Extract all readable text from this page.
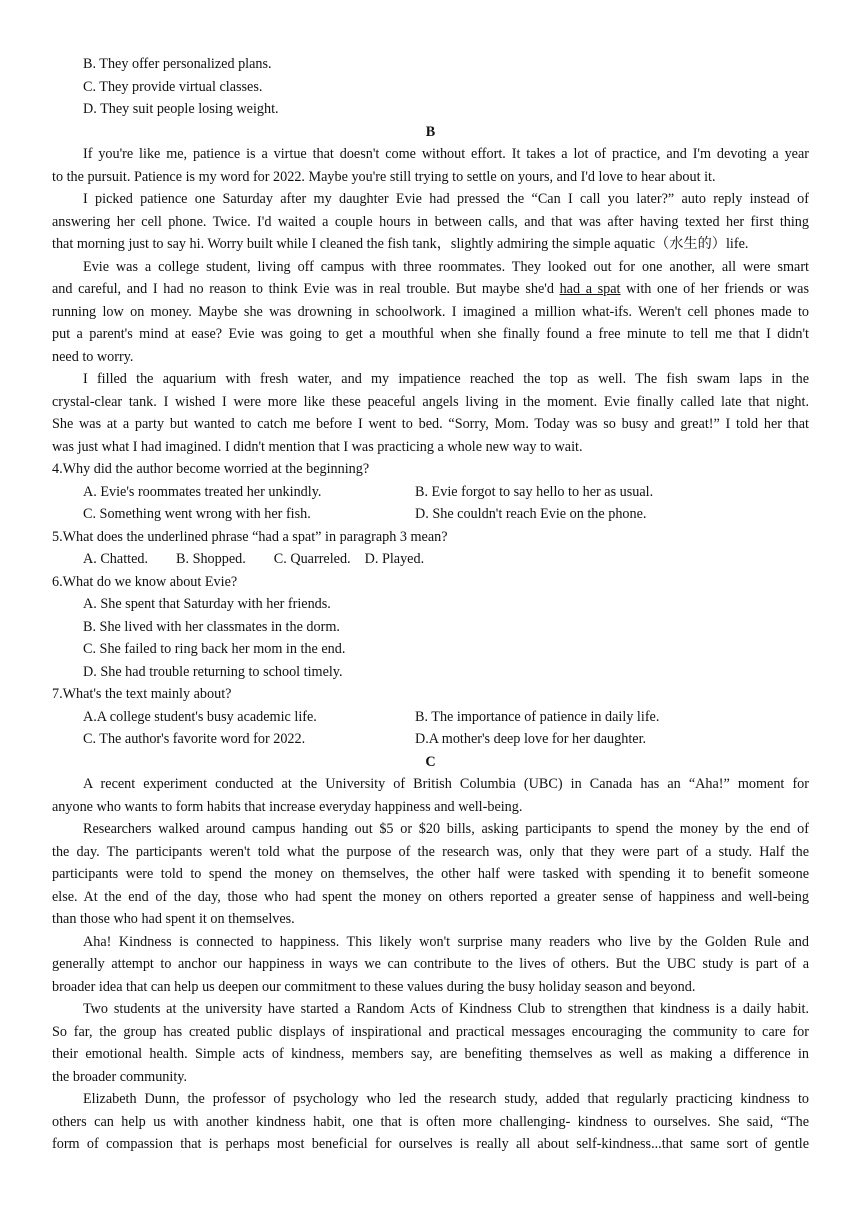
B. They offer personalized plans.
C. They provide virtual classes.
D. They suit people losing weight.
B
If you're like me, patience is a virtue that doesn't come without effort. It takes a lot of practice, and I'm devoting a year
to the pursuit. Patience is my word for 2022. Maybe you're still trying to settle on yours, and I'd love to hear about it.
I picked patience one Saturday after my daughter Evie had pressed the “Can I call you later?” auto reply instead of
answering her cell phone. Twice. I'd waited a couple hours in between calls, and that was after having texted her first thing
that morning just to say hi. Worry built while I cleaned the fish tank，slightly admiring the simple aquatic（水生的）life.
Evie was a college student, living off campus with three roommates. They looked out for one another, all were smart
and careful, and I had no reason to think Evie was in real trouble. But maybe she'd had a spat with one of her friends or was
running low on money. Maybe she was drowning in schoolwork. I imagined a million what-ifs. Weren't cell phones made to
put a parent's mind at ease? Evie was going to get a mouthful when she finally found a free minute to tell me that I didn't
need to worry.
I filled the aquarium with fresh water, and my impatience reached the top as well. The fish swam laps in the
crystal-clear tank. I wished I were more like these peaceful angels living in the moment. Evie finally called late that night.
She was at a party but wanted to catch me before I went to bed. “Sorry, Mom. Today was so busy and great!” I told her that
was just what I had imagined. I didn't mention that I was practicing a whole new way to wait.
4.Why did the author become worried at the beginning?
A. Evie's roommates treated her unkindly.	B. Evie forgot to say hello to her as usual.
C. Something went wrong with her fish.	D. She couldn't reach Evie on the phone.
5.What does the underlined phrase “had a spat” in paragraph 3 mean?
A. Chatted. B. Shopped. C. Quarreled. D. Played.
6.What do we know about Evie?
A. She spent that Saturday with her friends.
B. She lived with her classmates in the dorm.
C. She failed to ring back her mom in the end.
D. She had trouble returning to school timely.
7.What's the text mainly about?
A.A college student's busy academic life.	B. The importance of patience in daily life.
C. The author's favorite word for 2022.	D.A mother's deep love for her daughter.
C
A recent experiment conducted at the University of British Columbia (UBC) in Canada has an “Aha!” moment for
anyone who wants to form habits that increase everyday happiness and well-being.
Researchers walked around campus handing out $5 or $20 bills, asking participants to spend the money by the end of
the day. The participants weren't told what the purpose of the research was, only that they were part of a study. Half the
participants were told to spend the money on themselves, the other half were tasked with spending it to benefit someone
else. At the end of the day, those who had spent the money on others reported a greater sense of happiness and well-being
than those who had spent it on themselves.
Aha! Kindness is connected to happiness. This likely won't surprise many readers who live by the Golden Rule and
generally attempt to anchor our happiness in ways we can contribute to the lives of others. But the UBC study is part of a
broader idea that can help us deepen our commitment to these values during the busy holiday season and beyond.
Two students at the university have started a Random Acts of Kindness Club to strengthen that kindness is a daily habit.
So far, the group has created public displays of inspirational and practical messages encouraging the community to care for
their emotional health. Simple acts of kindness, members say, are benefiting themselves as well as making a difference in
the broader community.
Elizabeth Dunn, the professor of psychology who led the research study, added that regularly practicing kindness to
others can help us with another kindness habit, one that is often more challenging- kindness to ourselves. She said, “The
form of compassion that is perhaps most beneficial for ourselves is really all about self-kindness...that same sort of gentle
